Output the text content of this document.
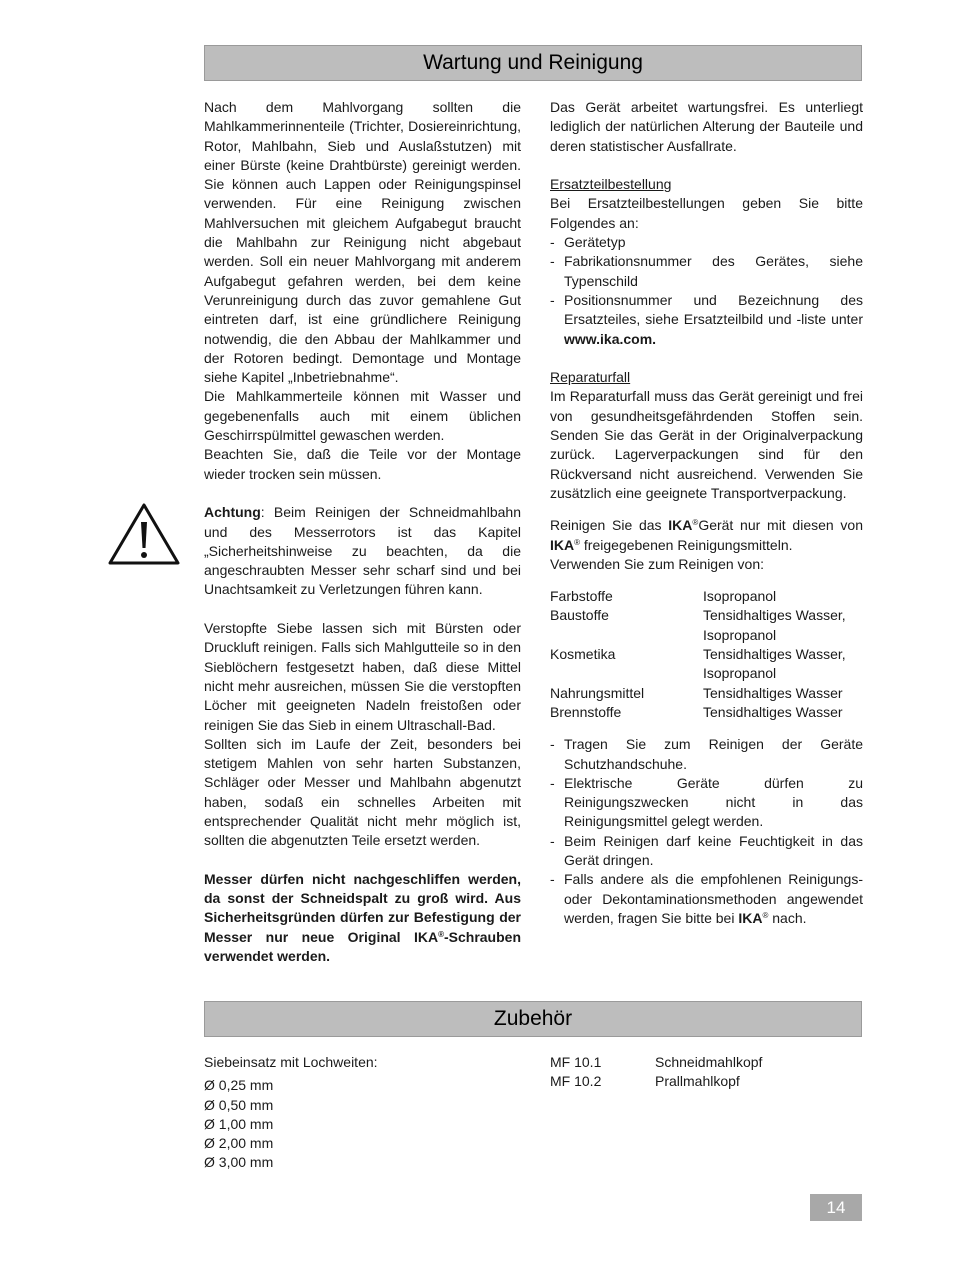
Wartung und Reinigung

Nach dem Mahlvorgang sollten die Mahlkammerinnenteile (Trichter, Dosiereinrichtung, Rotor, Mahlbahn, Sieb und Auslaßstutzen) mit einer Bürste (keine Drahtbürste) gereinigt werden. Sie können auch Lappen oder Reinigungspinsel verwenden. Für eine Reinigung zwischen Mahlversuchen mit gleichem Aufgabegut braucht die Mahlbahn zur Reinigung nicht abgebaut werden. Soll ein neuer Mahlvorgang mit anderem Aufgabegut gefahren werden, bei dem keine Verunreinigung durch das zuvor gemahlene Gut eintreten darf, ist eine gründlichere Reinigung notwendig, die den Abbau der Mahlkammer und der Rotoren bedingt. Demontage und Montage siehe Kapitel „Inbetriebnahme“.

Die Mahlkammerteile können mit Wasser und gegebenenfalls auch mit einem üblichen Geschirrspülmittel gewaschen werden.

Beachten Sie, daß die Teile vor der Montage wieder trocken sein müssen.

Achtung: Beim Reinigen der Schneidmahlbahn und des Messerrotors ist das Kapitel „Sicherheitshinweise zu beachten, da die angeschraubten Messer sehr scharf sind und bei Unachtsamkeit zu Verletzungen führen kann.

Verstopfte Siebe lassen sich mit Bürsten oder Druckluft reinigen. Falls sich Mahlgutteile so in den Sieblöchern festgesetzt haben, daß diese Mittel nicht mehr ausreichen, müssen Sie die verstopften Löcher mit geeigneten Nadeln freistoßen oder reinigen Sie das Sieb in einem Ultraschall-Bad.

Sollten sich im Laufe der Zeit, besonders bei stetigem Mahlen von sehr harten Substanzen, Schläger oder Messer und Mahlbahn abgenutzt haben, sodaß ein schnelles Arbeiten mit entsprechender Qualität nicht mehr möglich ist, sollten die abgenutzten Teile ersetzt werden.

Messer dürfen nicht nachgeschliffen werden, da sonst der Schneidspalt zu groß wird. Aus Sicherheitsgründen dürfen zur Befestigung der Messer nur neue Original IKA®-Schrauben verwendet werden.

Das Gerät arbeitet wartungsfrei. Es unterliegt lediglich der natürlichen Alterung der Bauteile und deren statistischer Ausfallrate.

Ersatzteilbestellung

Bei Ersatzteilbestellungen geben Sie bitte Folgendes an:

- Gerätetyp
- Fabrikationsnummer des Gerätes, siehe Typenschild
- Positionsnummer und Bezeichnung des Ersatzteiles, siehe Ersatzteilbild und -liste unter www.ika.com.

Reparaturfall

Im Reparaturfall muss das Gerät gereinigt und frei von gesundheitsgefährdenden Stoffen sein. Senden Sie das Gerät in der Originalverpackung zurück. Lagerverpackungen sind für den Rückversand nicht ausreichend. Verwenden Sie zusätzlich eine geeignete Transportverpackung.

Reinigen Sie das IKA®Gerät nur mit diesen von IKA® freigegebenen Reinigungsmitteln.

Verwenden Sie zum Reinigen von:

Farbstoffe	Isopropanol
Baustoffe	Tensidhaltiges Wasser, Isopropanol
Kosmetika	Tensidhaltiges Wasser, Isopropanol
Nahrungsmittel	Tensidhaltiges Wasser
Brennstoffe	Tensidhaltiges Wasser
- Tragen Sie zum Reinigen der Geräte Schutzhandschuhe.
- Elektrische Geräte dürfen zu Reinigungszwecken nicht in das Reinigungsmittel gelegt werden.
- Beim Reinigen darf keine Feuchtigkeit in das Gerät dringen.
- Falls andere als die empfohlenen Reinigungs- oder Dekontaminationsmethoden angewendet werden, fragen Sie bitte bei IKA® nach.
Zubehör

Siebeinsatz mit Lochweiten:

Ø 0,25 mm
Ø 0,50 mm
Ø 1,00 mm
Ø 2,00 mm
Ø 3,00 mm
MF 10.1	Schneidmahlkopf
MF 10.2	Prallmahlkopf
14
